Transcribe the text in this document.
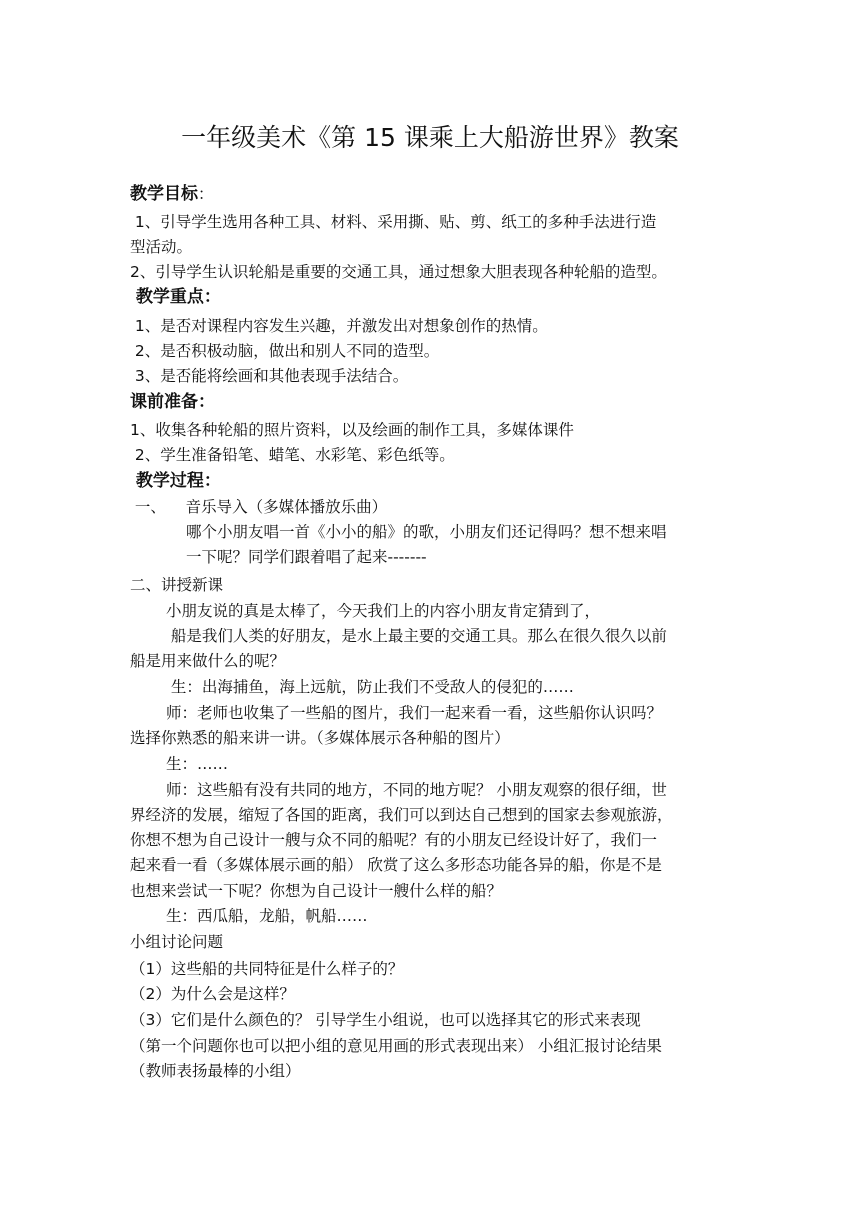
一年级美术《第 15 课乘上大船游世界》教案
教学目标：
1、引导学生选用各种工具、材料、采用撕、贴、剪、纸工的多种手法进行造
型活动。
2、引导学生认识轮船是重要的交通工具，通过想象大胆表现各种轮船的造型。
教学重点：
1、是否对课程内容发生兴趣，并激发出对想象创作的热情。
2、是否积极动脑，做出和别人不同的造型。
3、是否能将绘画和其他表现手法结合。
课前准备：
1、收集各种轮船的照片资料，以及绘画的制作工具，多媒体课件
2、学生准备铅笔、蜡笔、水彩笔、彩色纸等。
教学过程：
一、    音乐导入（多媒体播放乐曲）
哪个小朋友唱一首《小小的船》的歌，小朋友们还记得吗？想不想来唱
一下呢？同学们跟着唱了起来-------
二、讲授新课
小朋友说的真是太棒了，今天我们上的内容小朋友肯定猜到了，
船是我们人类的好朋友，是水上最主要的交通工具。那么在很久很久以前
船是用来做什么的呢？
生：出海捕鱼，海上远航，防止我们不受敌人的侵犯的……
师：老师也收集了一些船的图片，我们一起来看一看，这些船你认识吗？
选择你熟悉的船来讲一讲。（多媒体展示各种船的图片）
生：……
师：这些船有没有共同的地方，不同的地方呢？ 小朋友观察的很仔细，世
界经济的发展，缩短了各国的距离，我们可以到达自己想到的国家去参观旅游，
你想不想为自己设计一艘与众不同的船呢？有的小朋友已经设计好了，我们一
起来看一看（多媒体展示画的船） 欣赏了这么多形态功能各异的船，你是不是
也想来尝试一下呢？你想为自己设计一艘什么样的船？
生：西瓜船，龙船，帆船……
小组讨论问题
（1）这些船的共同特征是什么样子的？
（2）为什么会是这样？
（3）它们是什么颜色的？ 引导学生小组说，也可以选择其它的形式来表现
（第一个问题你也可以把小组的意见用画的形式表现出来） 小组汇报讨论结果
（教师表扬最棒的小组）
